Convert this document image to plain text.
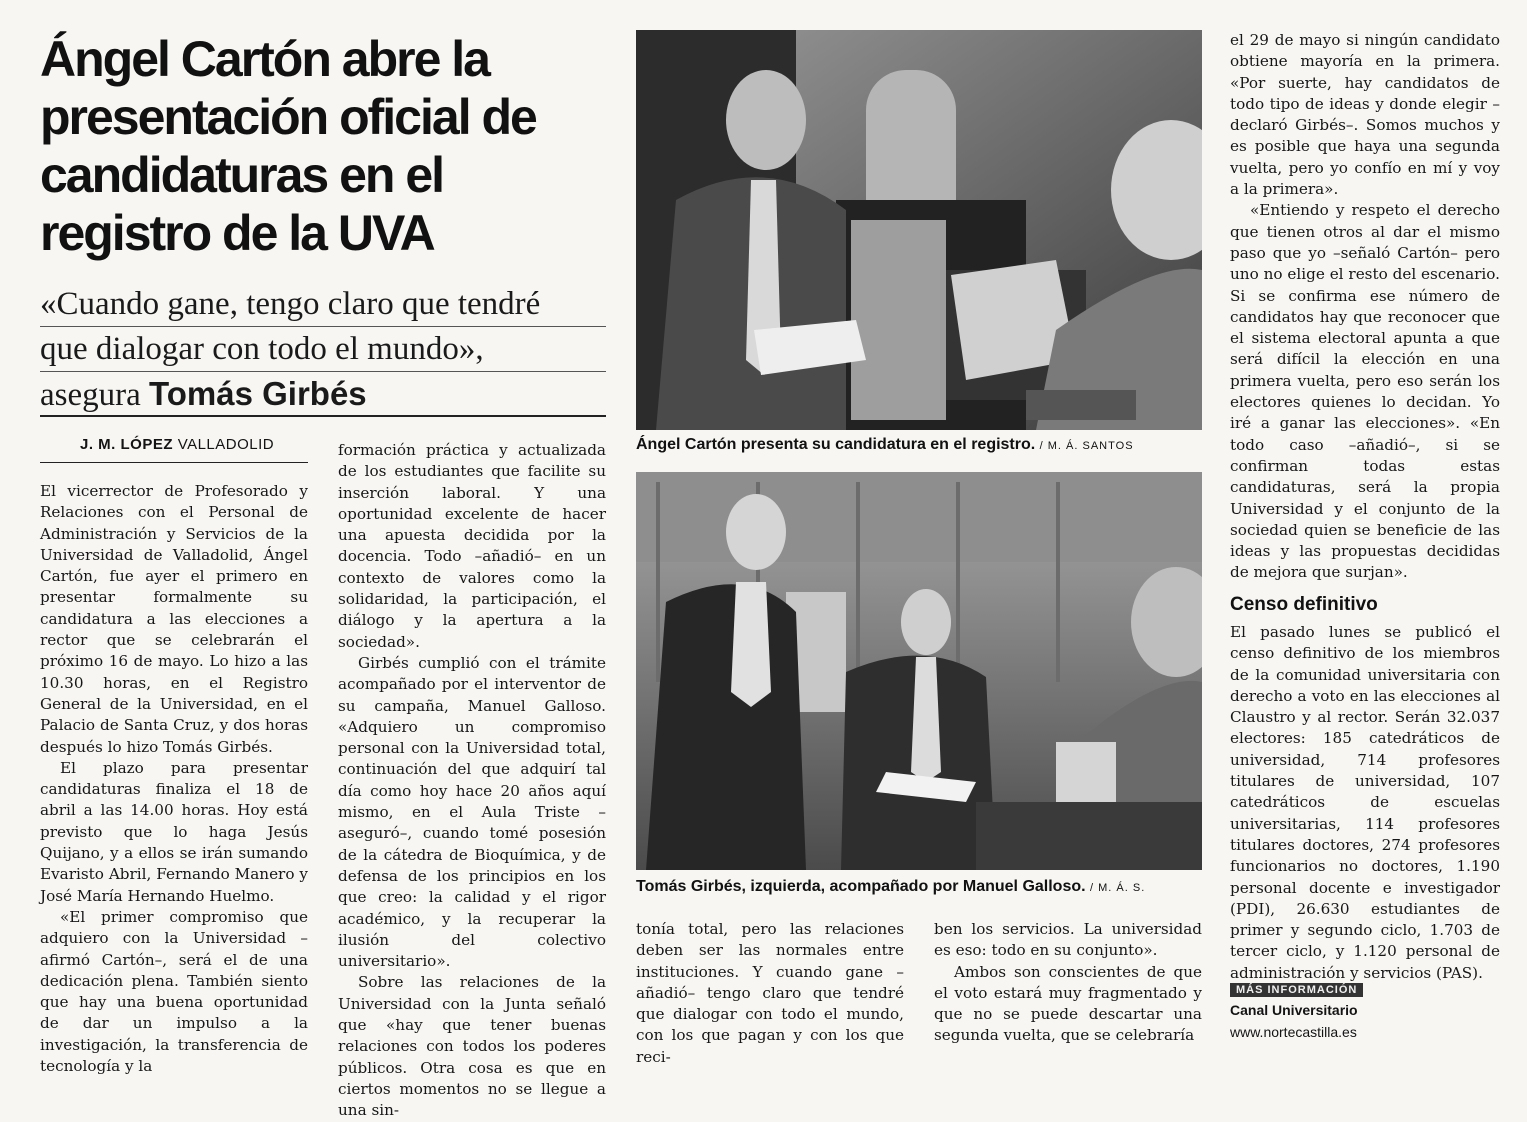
Ángel Cartón abre la presentación oficial de candidaturas en el registro de la UVA
«Cuando gane, tengo claro que tendré
que dialogar con todo el mundo»,
asegura Tomás Girbés
J. M. LÓPEZ VALLADOLID

El vicerrector de Profesorado y Relaciones con el Personal de Administración y Servicios de la Universidad de Valladolid, Ángel Cartón, fue ayer el primero en presentar formalmente su candidatura a las elecciones a rector que se celebrarán el próximo 16 de mayo. Lo hizo a las 10.30 horas, en el Registro General de la Universidad, en el Palacio de Santa Cruz, y dos horas después lo hizo Tomás Girbés.

El plazo para presentar candidaturas finaliza el 18 de abril a las 14.00 horas. Hoy está previsto que lo haga Jesús Quijano, y a ellos se irán sumando Evaristo Abril, Fernando Manero y José María Hernando Huelmo.

«El primer compromiso que adquiero con la Universidad –afirmó Cartón–, será el de una dedicación plena. También siento que hay una buena oportunidad de dar un impulso a la investigación, la transferencia de tecnología y la

formación práctica y actualizada de los estudiantes que facilite su inserción laboral. Y una oportunidad excelente de hacer una apuesta decidida por la docencia. Todo –añadió– en un contexto de valores como la solidaridad, la participación, el diálogo y la apertura a la sociedad».

Girbés cumplió con el trámite acompañado por el interventor de su campaña, Manuel Galloso. «Adquiero un compromiso personal con la Universidad total, continuación del que adquirí tal día como hoy hace 20 años aquí mismo, en el Aula Triste –aseguró–, cuando tomé posesión de la cátedra de Bioquímica, y de defensa de los principios en los que creo: la calidad y el rigor académico, y la recuperar la ilusión del colectivo universitario».

Sobre las relaciones de la Universidad con la Junta señaló que «hay que tener buenas relaciones con todos los poderes públicos. Otra cosa es que en ciertos momentos no se llegue a una sin-

Ángel Cartón presenta su candidatura en el registro. / M. Á. SANTOS
Tomás Girbés, izquierda, acompañado por Manuel Galloso. / M. Á. S.

tonía total, pero las relaciones deben ser las normales entre instituciones. Y cuando gane –añadió– tengo claro que tendré que dialogar con todo el mundo, con los que pagan y con los que reci-

ben los servicios. La universidad es eso: todo en su conjunto».

Ambos son conscientes de que el voto estará muy fragmentado y que no se puede descartar una segunda vuelta, que se celebraría

el 29 de mayo si ningún candidato obtiene mayoría en la primera. «Por suerte, hay candidatos de todo tipo de ideas y donde elegir –declaró Girbés–. Somos muchos y es posible que haya una segunda vuelta, pero yo confío en mí y voy a la primera».

«Entiendo y respeto el derecho que tienen otros al dar el mismo paso que yo –señaló Cartón– pero uno no elige el resto del escenario. Si se confirma ese número de candidatos hay que reconocer que el sistema electoral apunta a que será difícil la elección en una primera vuelta, pero eso serán los electores quienes lo decidan. Yo iré a ganar las elecciones». «En todo caso –añadió–, si se confirman todas estas candidaturas, será la propia Universidad y el conjunto de la sociedad quien se beneficie de las ideas y las propuestas decididas de mejora que surjan».

Censo definitivo

El pasado lunes se publicó el censo definitivo de los miembros de la comunidad universitaria con derecho a voto en las elecciones al Claustro y al rector. Serán 32.037 electores: 185 catedráticos de universidad, 714 profesores titulares de universidad, 107 catedráticos de escuelas universitarias, 114 profesores titulares doctores, 274 profesores funcionarios no doctores, 1.190 personal docente e investigador (PDI), 26.630 estudiantes de primer y segundo ciclo, 1.703 de tercer ciclo, y 1.120 personal de administración y servicios (PAS).

MÁS INFORMACIÓN
Canal Universitario
www.nortecastilla.es
